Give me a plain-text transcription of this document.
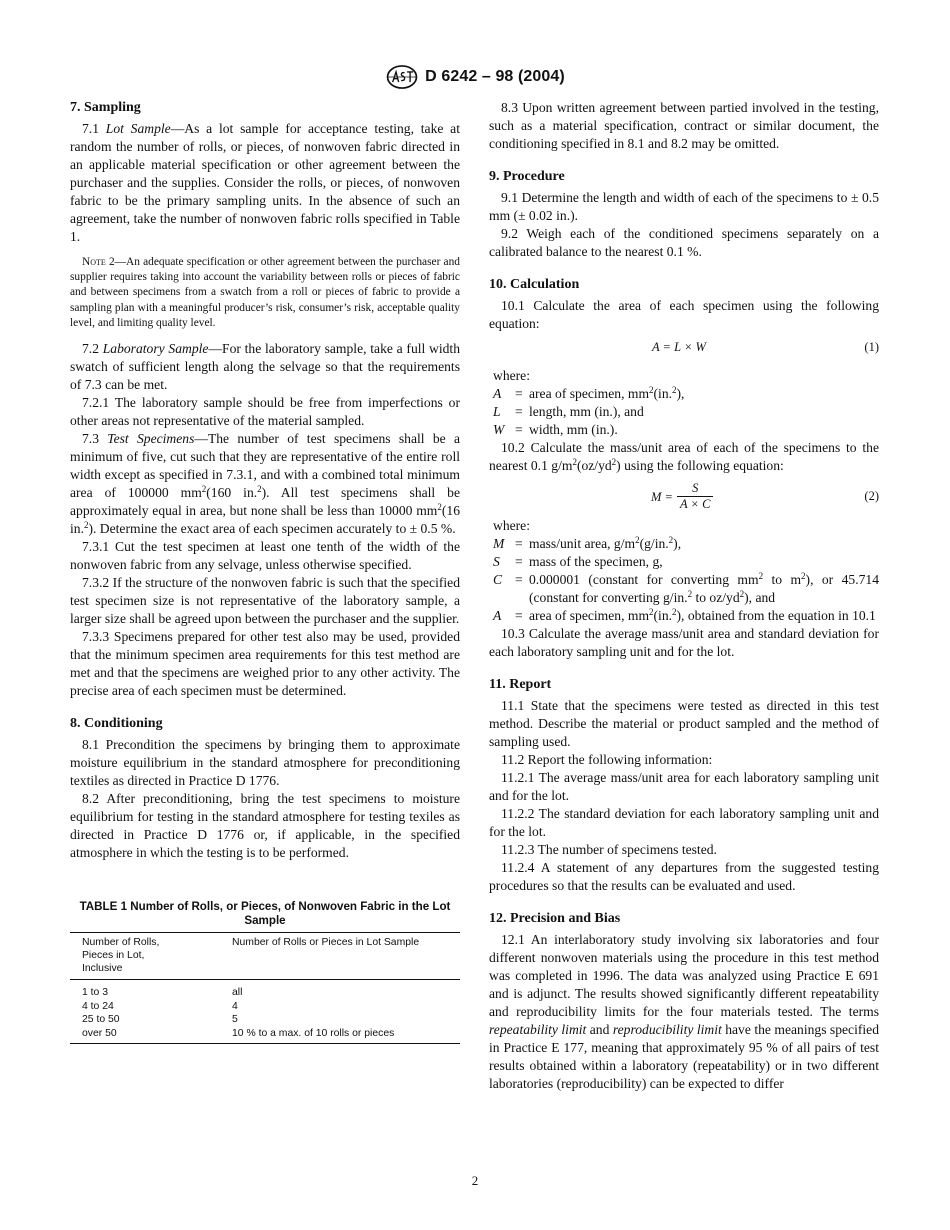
D 6242 – 98 (2004)
7. Sampling

7.1 Lot Sample—As a lot sample for acceptance testing, take at random the number of rolls, or pieces, of nonwoven fabric directed in an applicable material specification or other agreement between the purchaser and the supplies. Consider the rolls, or pieces, of nonwoven fabric to be the primary sampling units. In the absence of such an agreement, take the number of nonwoven fabric rolls specified in Table 1.

Note 2—An adequate specification or other agreement between the purchaser and supplier requires taking into account the variability between rolls or pieces of fabric and between specimens from a swatch from a roll or pieces of fabric to provide a sampling plan with a meaningful producer’s risk, consumer’s risk, acceptable quality level, and limiting quality level.

7.2 Laboratory Sample—For the laboratory sample, take a full width swatch of sufficient length along the selvage so that the requirements of 7.3 can be met.

7.2.1 The laboratory sample should be free from imperfections or other areas not representative of the material sampled.

7.3 Test Specimens—The number of test specimens shall be a minimum of five, cut such that they are representative of the entire roll width except as specified in 7.3.1, and with a combined total minimum area of 100000 $mm^2(160$ in.$^2$). All test specimens shall be approximately equal in area, but none shall be less than 10000 $mm^2(16$ in.$^2$). Determine the exact area of each specimen accurately to ± 0.5 %.

7.3.1 Cut the test specimen at least one tenth of the width of the nonwoven fabric from any selvage, unless otherwise specified.

7.3.2 If the structure of the nonwoven fabric is such that the specified test specimen size is not representative of the laboratory sample, a larger size shall be agreed upon between the purchaser and the supplier.

7.3.3 Specimens prepared for other test also may be used, provided that the minimum specimen area requirements for this test method are met and that the specimens are weighed prior to any other activity. The precise area of each specimen must be determined.

8. Conditioning

8.1 Precondition the specimens by bringing them to approximate moisture equilibrium in the standard atmosphere for preconditioning textiles as directed in Practice D 1776.

8.2 After preconditioning, bring the test specimens to moisture equilibrium for testing in the standard atmosphere for testing texiles as directed in Practice D 1776 or, if applicable, in the specified atmosphere in which the testing is to be performed.

TABLE 1 Number of Rolls, or Pieces, of Nonwoven Fabric in the Lot Sample
Number of Rolls,
Pieces in Lot,
Inclusive	Number of Rolls or Pieces in Lot Sample
1 to 3	all
4 to 24	4
25 to 50	5
over 50	10 % to a max. of 10 rolls or pieces

8.3 Upon written agreement between partied involved in the testing, such as a material specification, contract or similar document, the conditioning specified in 8.1 and 8.2 may be omitted.

9. Procedure

9.1 Determine the length and width of each of the specimens to ± 0.5 mm (± 0.02 in.).

9.2 Weigh each of the conditioned specimens separately on a calibrated balance to the nearest 0.1 %.

10. Calculation

10.1 Calculate the area of each specimen using the following equation:

A = L × W	(1)

where:

A	= area of specimen, $mm^2(in.^2)$,
L	= length, mm (in.), and
W = width, mm (in.).

10.2 Calculate the mass/unit area of each of the specimens to the nearest 0.1 $g/m^2(oz/yd^2)$ using the following equation:

$M = \frac{S}{A \times C}$	(2)

where:

M = mass/unit area, $g/m^2(g/in.^2)$,
S	= mass of the specimen, g,
C = 0.000001 (constant for converting $mm^2$ to $m^2$), or 45.714 (constant for converting g/in.$^2$ to $oz/yd^2$), and
A	= area of specimen, $mm^2(in.^2)$, obtained from the equation in 10.1

10.3 Calculate the average mass/unit area and standard deviation for each laboratory sampling unit and for the lot.

11. Report

11.1 State that the specimens were tested as directed in this test method. Describe the material or product sampled and the method of sampling used.

11.2 Report the following information:

11.2.1 The average mass/unit area for each laboratory sampling unit and for the lot.

11.2.2 The standard deviation for each laboratory sampling unit and for the lot.

11.2.3 The number of specimens tested.

11.2.4 A statement of any departures from the suggested testing procedures so that the results can be evaluated and used.

12. Precision and Bias

12.1 An interlaboratory study involving six laboratories and four different nonwoven materials using the procedure in this test method was completed in 1996. The data was analyzed using Practice E 691 and is adjunct. The results showed significantly different repeatability and reproducibility limits for the four materials tested. The terms repeatability limit and reproducibility limit have the meanings specified in Practice E 177, meaning that approximately 95 % of all pairs of test results obtained within a laboratory (repeatability) or in two different laboratories (reproducibility) can be expected to differ

2
